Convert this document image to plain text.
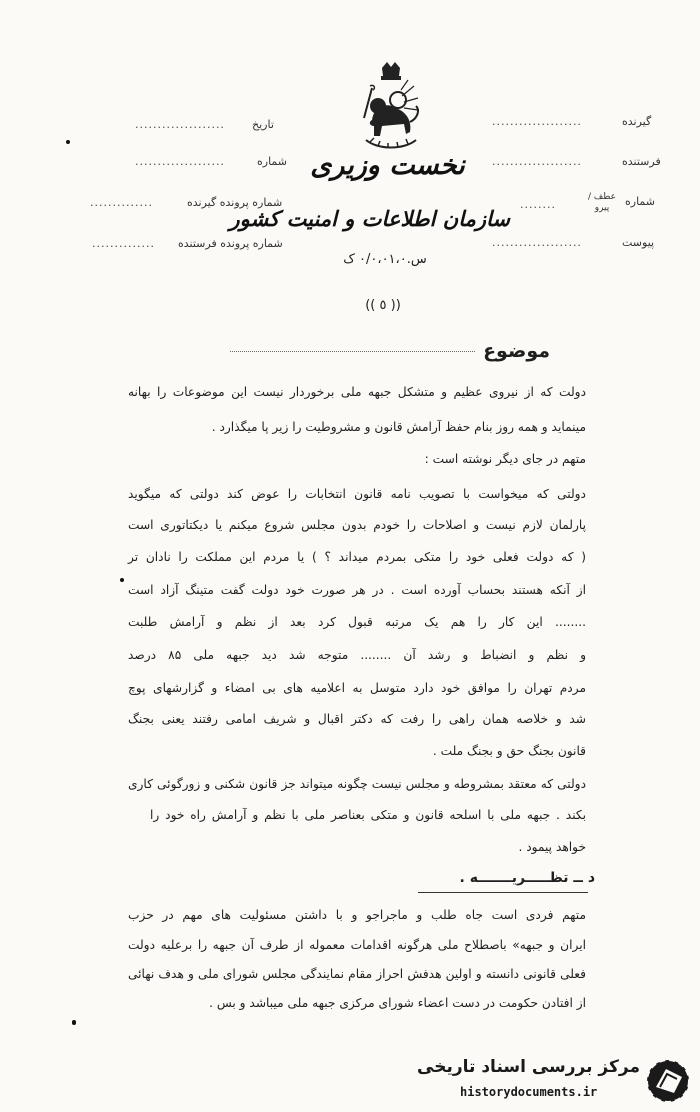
نخست وزیری
سازمان اطلاعات و امنیت کشور
س.۰/۰،۰۱،۰ ک
(( ٥ ))
تاریخ
....................
شماره
....................
شماره پرونده گیرنده
..............
شماره پرونده فرستنده
..............
گیرنده
....................
فرستنده
....................
شماره
عطف / پیرو
........
پیوست
....................
موضوع
دولت که از نیروی عظیم و متشکل جبهه ملی برخوردار نیست این موضوعات را بهانه
مینماید و همه روز بنام حفظ آرامش قانون و مشروطیت را زیر پا میگذارد .
متهم در جای دیگر نوشته است :
دولتی که میخواست با تصویب نامه قانون انتخابات را عوض کند دولتی که میگوید
پارلمان لازم نیست و اصلاحات را خودم بدون مجلس شروع میکنم یا دیکتاتوری است
( که دولت فعلی خود را متکی بمردم میداند ؟ ) یا مردم این مملکت را نادان تر
از آنکه هستند بحساب آورده است . در هر صورت خود دولت گفت متینگ آزاد است
........ این کار را هم یک مرتبه قبول کرد بعد از نظم و آرامش طلبت
و نظم و انضباط و رشد آن ........ متوجه شد دید جبهه ملی ۸۵ درصد
مردم تهران را موافق خود دارد متوسل به اعلامیه های بی امضاء و گزارشهای پوچ
شد و خلاصه همان راهی را رفت که دکتر اقبال و شریف امامی رفتند یعنی بجنگ
قانون بجنگ حق و بجنگ ملت .
دولتی که معتقد بمشروطه و مجلس نیست چگونه میتواند جز قانون شکنی و زورگوئی کاری
بکند . جبهه ملی با اسلحه قانون و متکی بعناصر ملی با نظم و آرامش راه خود را
خواهد پیمود .
د ــ تظـــــریـــــــه .
متهم فردی است جاه طلب و ماجراجو و با داشتن مسئولیت های مهم در حزب
ایران و جبهه» باصطلاح ملی هرگونه اقدامات معموله از طرف آن جبهه را برعلیه دولت
فعلی قانونی دانسته و اولین هدفش احراز مقام نمایندگی مجلس شورای ملی و هدف نهائی
از افتادن حکومت در دست اعضاء شورای مرکزی جبهه ملی میباشد و بس .
مرکز بررسی اسناد تاریخی
historydocuments.ir
